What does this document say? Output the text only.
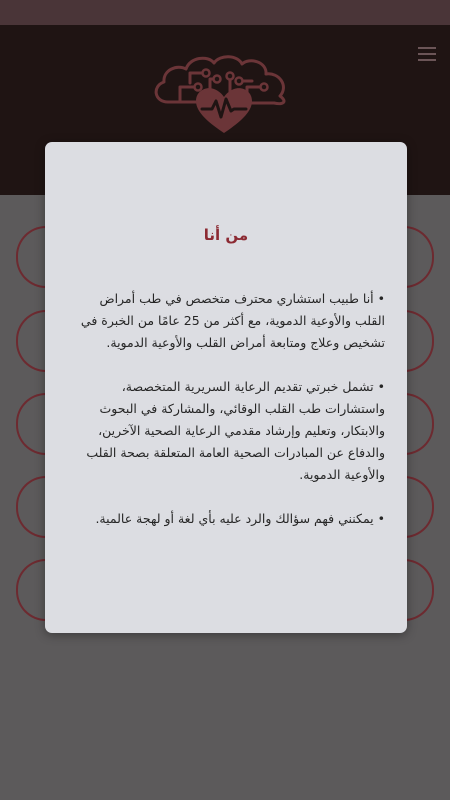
من أنا

• أنا طبيب استشاري محترف متخصص في طب أمراض القلب والأوعية الدموية، مع أكثر من 25 عامًا من الخبرة في تشخيص وعلاج ومتابعة أمراض القلب والأوعية الدموية.

• تشمل خبرتي تقديم الرعاية السريرية المتخصصة، واستشارات طب القلب الوقائي، والمشاركة في البحوث والابتكار، وتعليم وإرشاد مقدمي الرعاية الصحية الآخرين، والدفاع عن المبادرات الصحية العامة المتعلقة بصحة القلب والأوعية الدموية.

• يمكنني فهم سؤالك والرد عليه بأي لغة أو لهجة عالمية.
